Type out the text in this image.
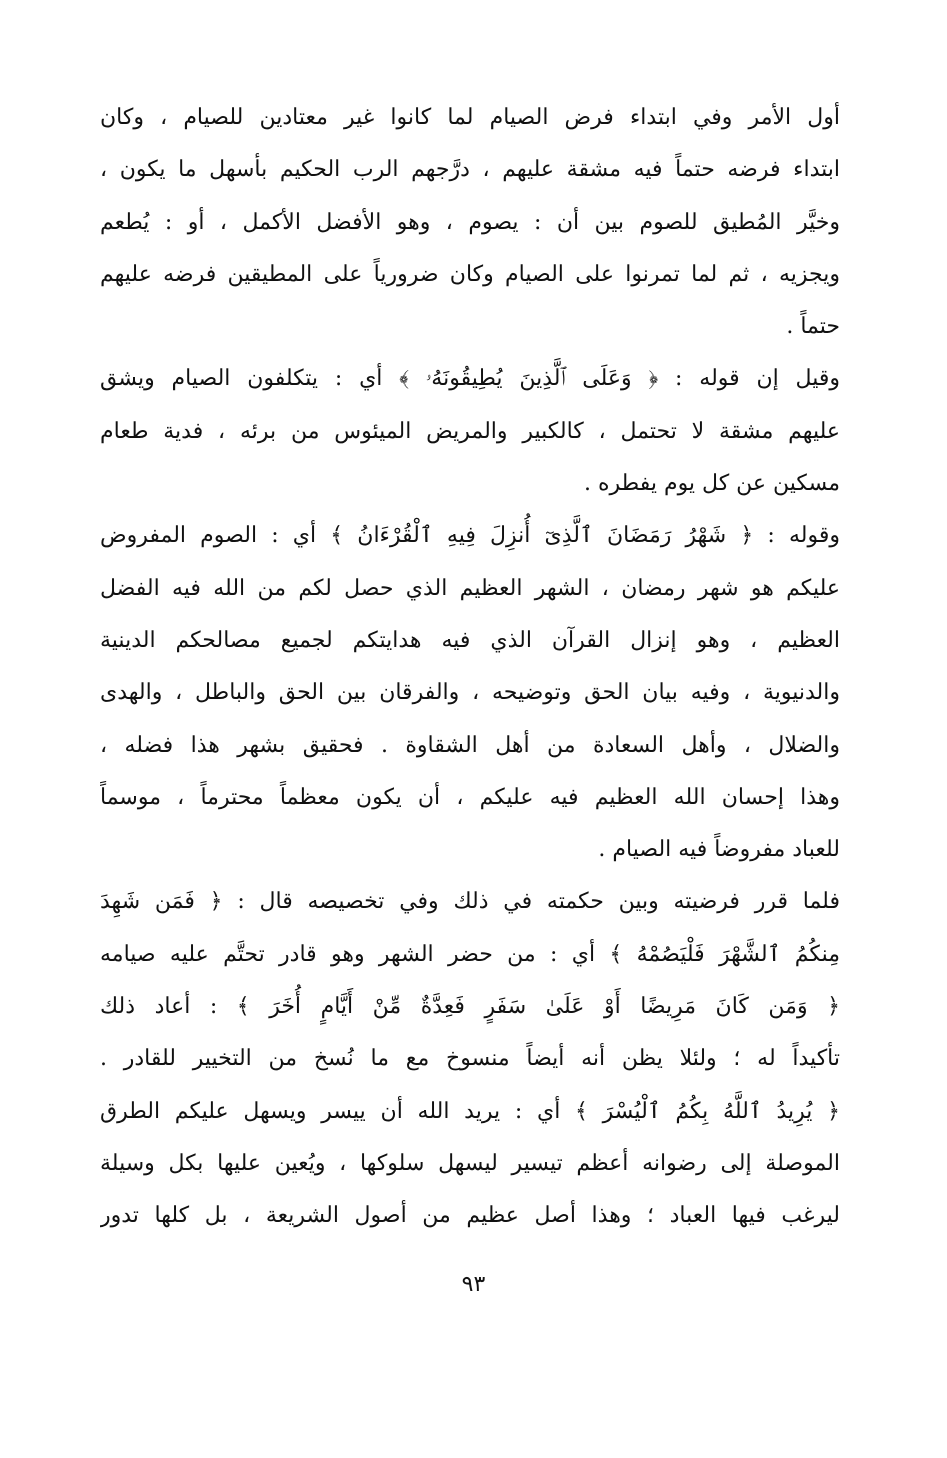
أول الأمر وفي ابتداء فرض الصيام لما كانوا غير معتادين للصيام ، وكان
ابتداء فرضه حتماً فيه مشقة عليهم ، درَّجهم الرب الحكيم بأسهل ما يكون ،
وخيَّر المُطيق للصوم بين أن : يصوم ، وهو الأفضل الأكمل ، أو : يُطعم
ويجزيه ، ثم لما تمرنوا على الصيام وكان ضرورياً على المطيقين فرضه عليهم
حتماً .
وقيل إن قوله : ﴿ وَعَلَى ٱلَّذِينَ يُطِيقُونَهُۥ ﴾ أي : يتكلفون الصيام ويشق
عليهم مشقة لا تحتمل ، كالكبير والمريض الميئوس من برئه ، فدية طعام
مسكين عن كل يوم يفطره .
وقوله : ﴿ شَهْرُ رَمَضَانَ ٱلَّذِىٓ أُنزِلَ فِيهِ ٱلْقُرْءَانُ ﴾ أي : الصوم المفروض
عليكم هو شهر رمضان ، الشهر العظيم الذي حصل لكم من الله فيه الفضل
العظيم ، وهو إنزال القرآن الذي فيه هدايتكم لجميع مصالحكم الدينية
والدنيوية ، وفيه بيان الحق وتوضيحه ، والفرقان بين الحق والباطل ، والهدى
والضلال ، وأهل السعادة من أهل الشقاوة . فحقيق بشهر هذا فضله ،
وهذا إحسان الله العظيم فيه عليكم ، أن يكون معظماً محترماً ، موسماً
للعباد مفروضاً فيه الصيام .
فلما قرر فرضيته وبين حكمته في ذلك وفي تخصيصه قال : ﴿ فَمَن شَهِدَ
مِنكُمُ ٱلشَّهْرَ فَلْيَصُمْهُ ﴾ أي : من حضر الشهر وهو قادر تحتَّم عليه صيامه
﴿ وَمَن كَانَ مَرِيضًا أَوْ عَلَىٰ سَفَرٍ فَعِدَّةٌ مِّنْ أَيَّامٍ أُخَرَ ﴾ : أعاد ذلك
تأكيداً له ؛ ولئلا يظن أنه أيضاً منسوخ مع ما نُسخ من التخيير للقادر .
﴿ يُرِيدُ ٱللَّهُ بِكُمُ ٱلْيُسْرَ ﴾ أي : يريد الله أن ييسر ويسهل عليكم الطرق
الموصلة إلى رضوانه أعظم تيسير ليسهل سلوكها ، ويُعين عليها بكل وسيلة
ليرغب فيها العباد ؛ وهذا أصل عظيم من أصول الشريعة ، بل كلها تدور
٩٣
